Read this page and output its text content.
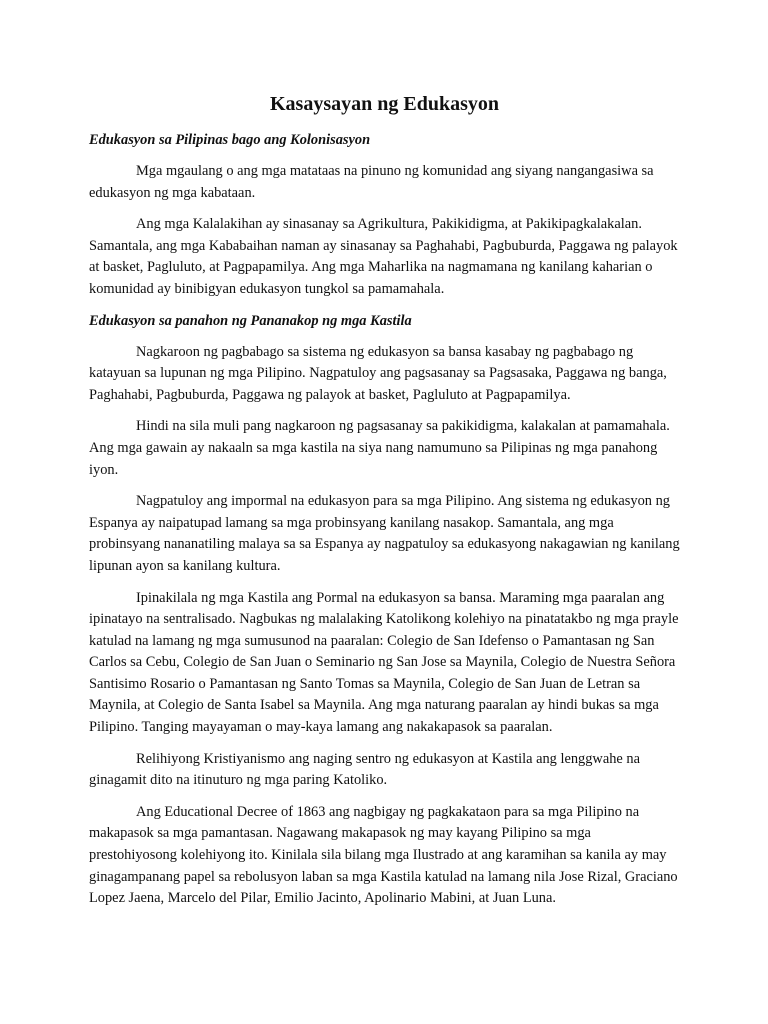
Kasaysayan ng Edukasyon
Edukasyon sa Pilipinas bago ang Kolonisasyon

Mga mgaulang o ang mga matataas na pinuno ng komunidad ang siyang nangangasiwa sa edukasyon ng mga kabataan.

Ang mga Kalalakihan ay sinasanay sa Agrikultura, Pakikidigma, at Pakikipagkalakalan. Samantala, ang mga Kababaihan naman ay sinasanay sa Paghahabi, Pagbuburda, Paggawa ng palayok at basket, Pagluluto, at Pagpapamilya. Ang mga Maharlika na nagmamana ng kanilang kaharian o komunidad ay binibigyan edukasyon tungkol sa pamamahala.

Edukasyon sa panahon ng Pananakop ng mga Kastila

Nagkaroon ng pagbabago sa sistema ng edukasyon sa bansa kasabay ng pagbabago ng katayuan sa lupunan ng mga Pilipino. Nagpatuloy ang pagsasanay sa Pagsasaka, Paggawa ng banga, Paghahabi, Pagbuburda, Paggawa ng palayok at basket, Pagluluto at Pagpapamilya.

Hindi na sila muli pang nagkaroon ng pagsasanay sa pakikidigma, kalakalan at pamamahala. Ang mga gawain ay nakaaln sa mga kastila na siya nang namumuno sa Pilipinas ng mga panahong iyon.

Nagpatuloy ang impormal na edukasyon para sa mga Pilipino. Ang sistema ng edukasyon ng Espanya ay naipatupad lamang sa mga probinsyang kanilang nasakop. Samantala, ang mga probinsyang nananatiling malaya sa sa Espanya ay nagpatuloy sa edukasyong nakagawian ng kanilang lipunan ayon sa kanilang kultura.

Ipinakilala ng mga Kastila ang Pormal na edukasyon sa bansa. Maraming mga paaralan ang ipinatayo na sentralisado. Nagbukas ng malalaking Katolikong kolehiyo na pinatatakbo ng mga prayle katulad na lamang ng mga sumusunod na paaralan: Colegio de San Idefenso o Pamantasan ng San Carlos sa Cebu, Colegio de San Juan o Seminario ng San Jose sa Maynila, Colegio de Nuestra Señora Santisimo Rosario o Pamantasan ng Santo Tomas sa Maynila, Colegio de San Juan de Letran sa Maynila, at Colegio de Santa Isabel sa Maynila. Ang mga naturang paaralan ay hindi bukas sa mga Pilipino. Tanging mayayaman o may-kaya lamang ang nakakapasok sa paaralan.

Relihiyong Kristiyanismo ang naging sentro ng edukasyon at Kastila ang lenggwahe na ginagamit dito na itinuturo ng mga paring Katoliko.

Ang Educational Decree of 1863 ang nagbigay ng pagkakataon para sa mga Pilipino na makapasok sa mga pamantasan. Nagawang makapasok ng may kayang Pilipino sa mga prestohiyosong kolehiyong ito. Kinilala sila bilang mga Ilustrado at ang karamihan sa kanila ay may ginagampanang papel sa rebolusyon laban sa mga Kastila katulad na lamang nila Jose Rizal, Graciano Lopez Jaena, Marcelo del Pilar, Emilio Jacinto, Apolinario Mabini, at Juan Luna.
